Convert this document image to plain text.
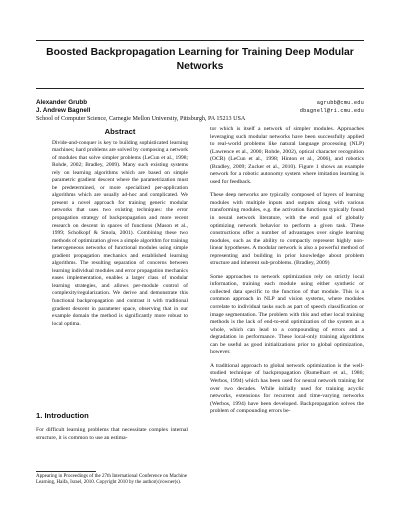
Boosted Backpropagation Learning for Training Deep Modular Networks
Alexander Grubb	agrubb@cmu.edu
J. Andrew Bagnell	dbagnell@ri.cmu.edu
School of Computer Science, Carnegie Mellon University, Pittsburgh, PA 15213 USA
Abstract
Divide-and-conquer is key to building sophisticated learning machines; hard problems are solved by composing a network of modules that solve simpler problems (LeCun et al., 1998; Rohde, 2002; Bradley, 2009). Many such existing systems rely on learning algorithms which are based on simple parametric gradient descent where the parametrization must be predetermined, or more specialized per-application algorithms which are usually ad-hoc and complicated. We present a novel approach for training generic modular networks that uses two existing techniques: the error propagation strategy of backpropagation and more recent research on descent in spaces of functions (Mason et al., 1999; Scholkopf & Smola, 2001). Combining these two methods of optimization gives a simple algorithm for training heterogeneous networks of functional modules using simple gradient propagation mechanics and established learning algorithms. The resulting separation of concerns between learning individual modules and error propagation mechanics eases implementation, enables a larger class of modular learning strategies, and allows per-module control of complexity/regularization. We derive and demonstrate this functional backpropagation and contrast it with traditional gradient descent in parameter space, observing that in our example domain the method is significantly more robust to local optima.
1. Introduction
For difficult learning problems that necessitate complex internal structure, it is common to use an estima-
Appearing in Proceedings of the 27th International Conference on Machine Learning, Haifa, Israel, 2010. Copyright 2010 by the author(s)/owner(s).

tor which is itself a network of simpler modules. Approaches leveraging such modular networks have been successfully applied to real-world problems like natural language processing (NLP) (Lawrence et al., 2000; Rohde, 2002), optical character recognition (OCR) (LeCun et al., 1998; Hinton et al., 2006), and robotics (Bradley, 2009; Zucker et al., 2010). Figure 1 shows an example network for a robotic autonomy system where imitation learning is used for feedback.

These deep networks are typically composed of layers of learning modules with multiple inputs and outputs along with various transforming modules, e.g. the activation functions typically found in neural network literature, with the end goal of globally optimizing network behavior to perform a given task. These constructions offer a number of advantages over single learning modules, such as the ability to compactly represent highly non-linear hypotheses. A modular network is also a powerful method of representing and building in prior knowledge about problem structure and inherent sub-problems. (Bradley, 2009)

Some approaches to network optimization rely on strictly local information, training each module using either synthetic or collected data specific to the function of that module. This is a common approach in NLP and vision systems, where modules correlate to individual tasks such as part of speech classification or image segmentation. The problem with this and other local training methods is the lack of end-to-end optimization of the system as a whole, which can lead to a compounding of errors and a degradation in performance. These local-only training algorithms can be useful as good initializations prior to global optimization, however.

A traditional approach to global network optimization is the well-studied technique of backpropagation (Rumelhart et al., 1986; Werbos, 1994) which has been used for neural network training for over two decades. While initially used for training acyclic networks, extensions for recurrent and time-varying networks (Werbos, 1994) have been developed. Backpropagation solves the problem of compounding errors be-
